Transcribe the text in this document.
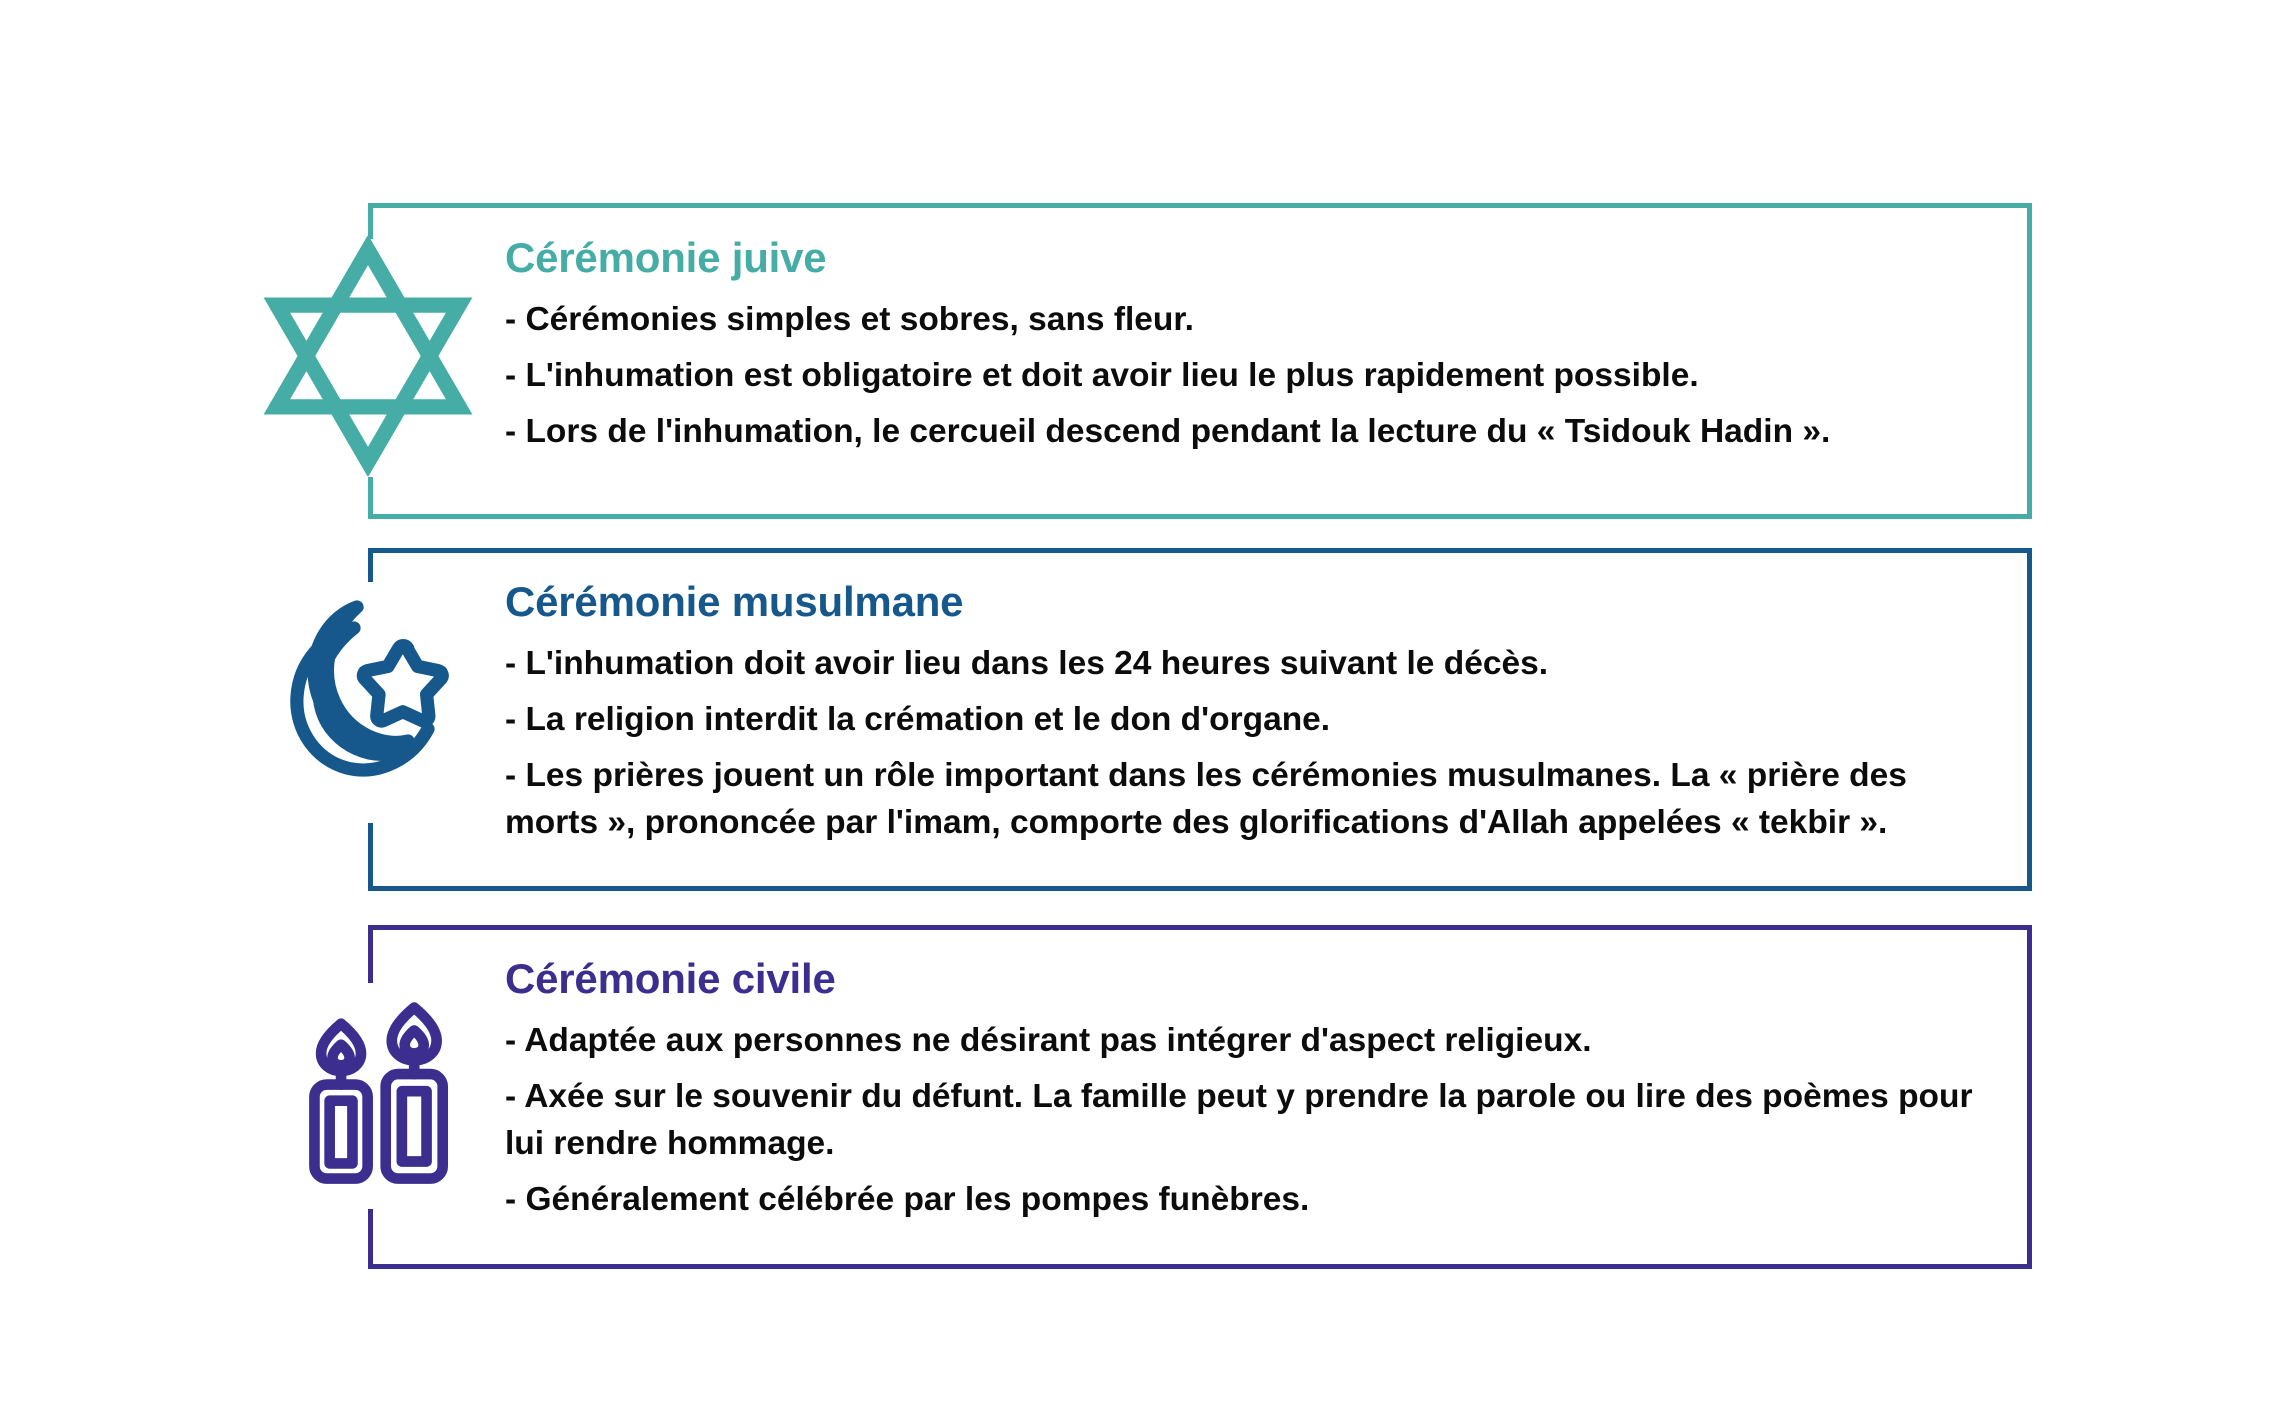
Cérémonie juive
- Cérémonies simples et sobres, sans fleur.
- L'inhumation est obligatoire et doit avoir lieu le plus rapidement possible.
- Lors de l'inhumation, le cercueil descend pendant la lecture du « Tsidouk Hadin ».
Cérémonie musulmane
- L'inhumation doit avoir lieu dans les 24 heures suivant le décès.
- La religion interdit la crémation et le don d'organe.
- Les prières jouent un rôle important dans les cérémonies musulmanes. La « prière des morts », prononcée par l'imam, comporte des glorifications d'Allah appelées « tekbir ».
Cérémonie civile
- Adaptée aux personnes ne désirant pas intégrer d'aspect religieux.
- Axée sur le souvenir du défunt. La famille peut y prendre la parole ou lire des poèmes pour lui rendre hommage.
- Généralement célébrée par les pompes funèbres.
